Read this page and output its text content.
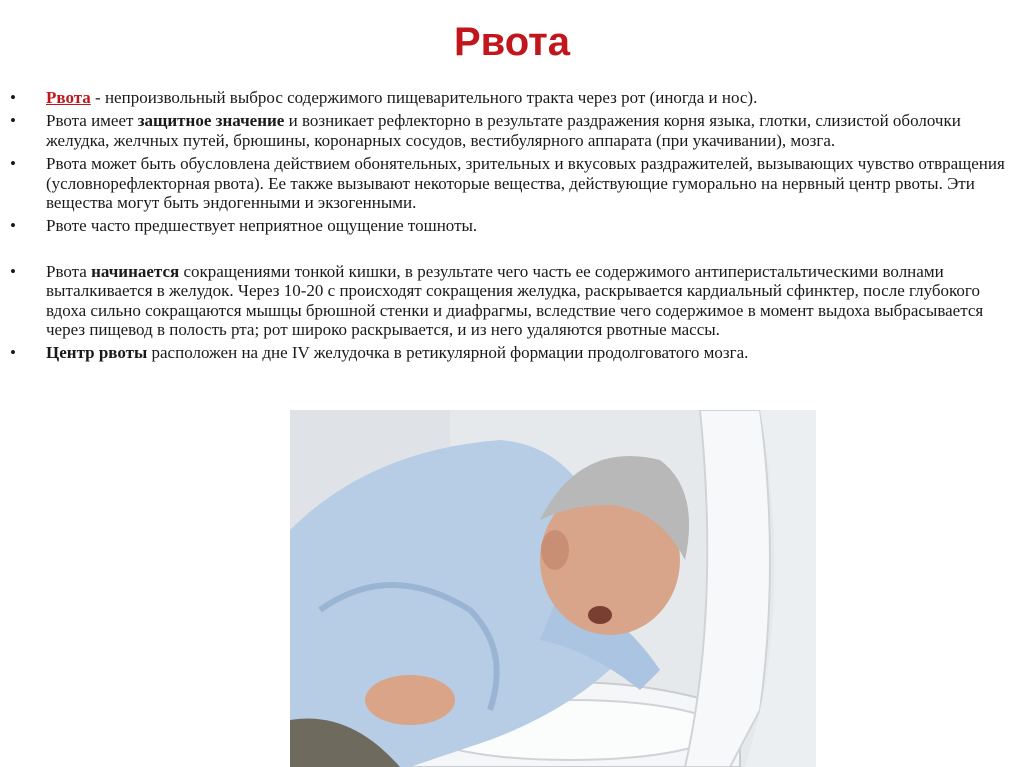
Рвота
• Рвота - непроизвольный выброс содержимого пищеварительного тракта через рот (иногда и нос).
• Рвота имеет защитное значение и возникает рефлекторно в результате раздражения корня языка, глотки, слизистой оболочки желудка, желчных путей, брюшины, коронарных сосудов, вестибулярного аппарата (при укачивании), мозга.
• Рвота может быть обусловлена действием обонятельных, зрительных и вкусовых раздражителей, вызывающих чувство отвращения (условнорефлекторная рвота). Ее также вызывают некоторые вещества, действующие гуморально на нервный центр рвоты. Эти вещества могут быть эндогенными и экзогенными.
• Рвоте часто предшествует неприятное ощущение тошноты.
• Рвота начинается сокращениями тонкой кишки, в результате чего часть ее содержимого антиперистальтическими волнами выталкивается в желудок. Через 10-20 с происходят сокращения желудка, раскрывается кардиальный сфинктер, после глубокого вдоха сильно сокращаются мышцы брюшной стенки и диафрагмы, вследствие чего содержимое в момент выдоха выбрасывается через пищевод в полость рта; рот широко раскрывается, и из него удаляются рвотные массы.
• Центр рвоты расположен на дне IV желудочка в ретикулярной формации продолговатого мозга.
